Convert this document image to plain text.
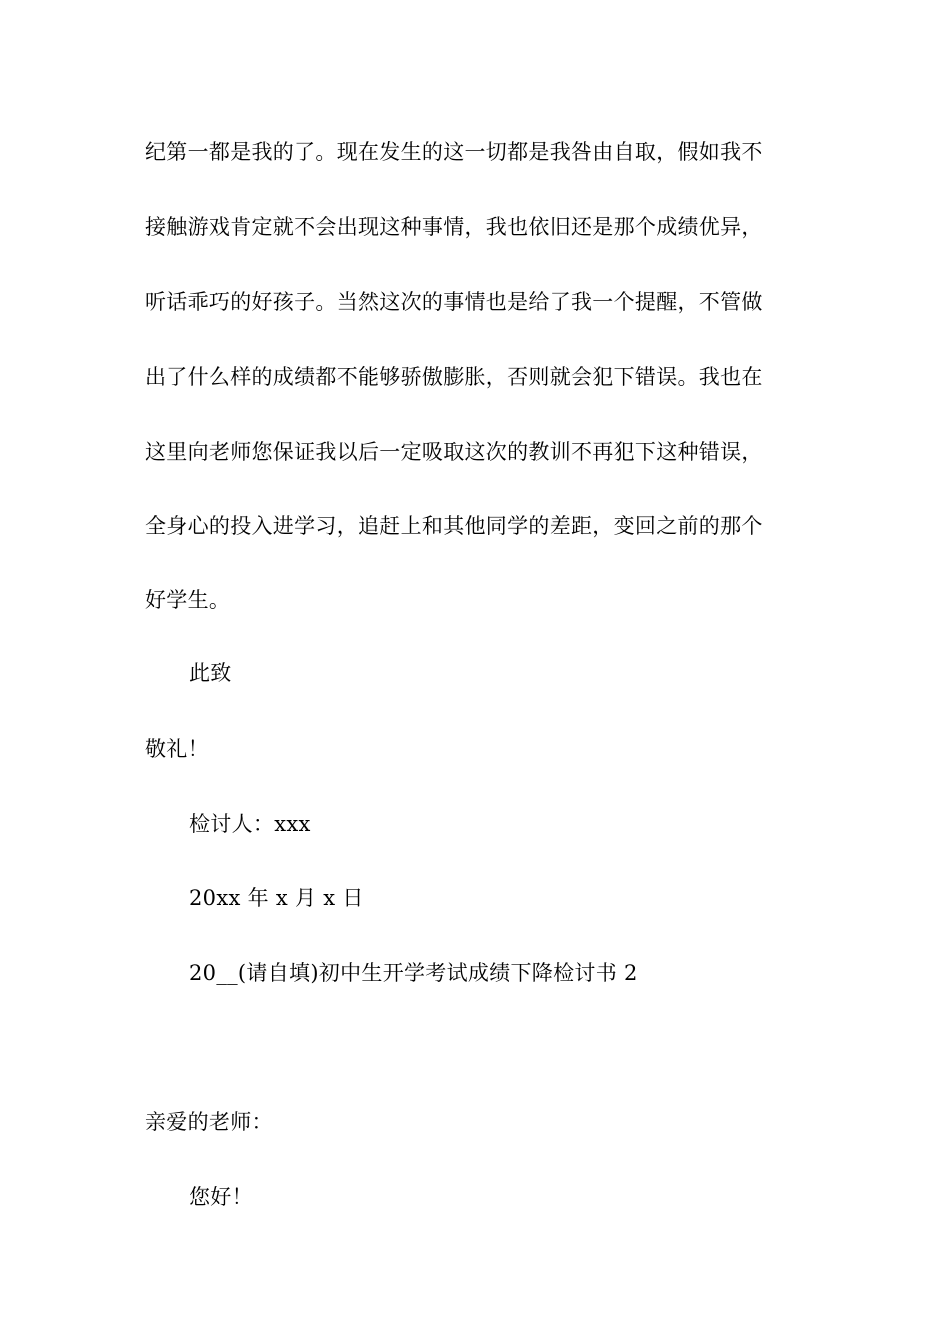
纪第一都是我的了。现在发生的这一切都是我咎由自取，假如我不
接触游戏肯定就不会出现这种事情，我也依旧还是那个成绩优异，
听话乖巧的好孩子。当然这次的事情也是给了我一个提醒，不管做
出了什么样的成绩都不能够骄傲膨胀，否则就会犯下错误。我也在
这里向老师您保证我以后一定吸取这次的教训不再犯下这种错误，
全身心的投入进学习，追赶上和其他同学的差距，变回之前的那个
好学生。
此致
敬礼！
检讨人：xxx
20xx 年 x 月 x 日
20__(请自填)初中生开学考试成绩下降检讨书 2
亲爱的老师：
您好！
